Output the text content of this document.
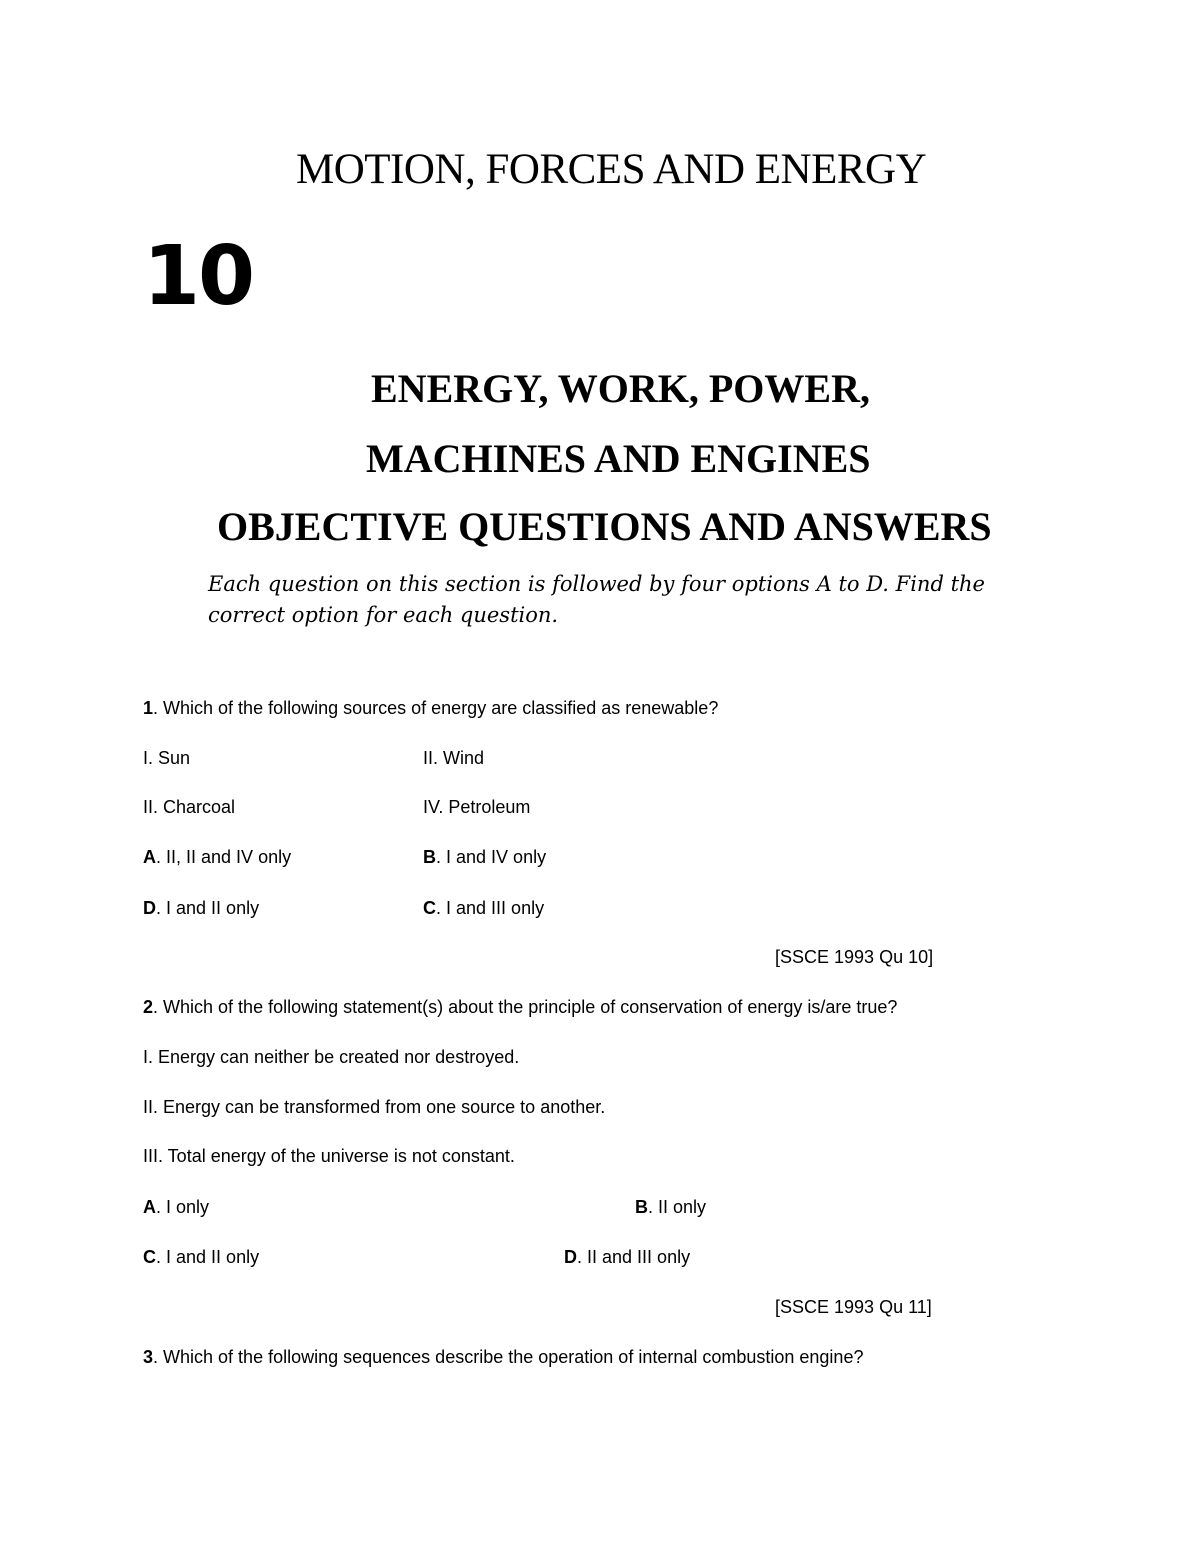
MOTION, FORCES AND ENERGY
10
ENERGY, WORK, POWER,
MACHINES AND ENGINES
OBJECTIVE QUESTIONS AND ANSWERS
Each question on this section is followed by four options A to D. Find the correct option for each question.
1. Which of the following sources of energy are classified as renewable?
I. Sun	II. Wind
II. Charcoal	IV. Petroleum
A. II, II and IV only	B. I and IV only
D. I and II only	C. I and III only
[SSCE 1993 Qu 10]
2. Which of the following statement(s) about the principle of conservation of energy is/are true?
I. Energy can neither be created nor destroyed.
II. Energy can be transformed from one source to another.
III. Total energy of the universe is not constant.
A. I only	B. II only
C. I and II only	D. II and III only
[SSCE 1993 Qu 11]
3. Which of the following sequences describe the operation of internal combustion engine?
